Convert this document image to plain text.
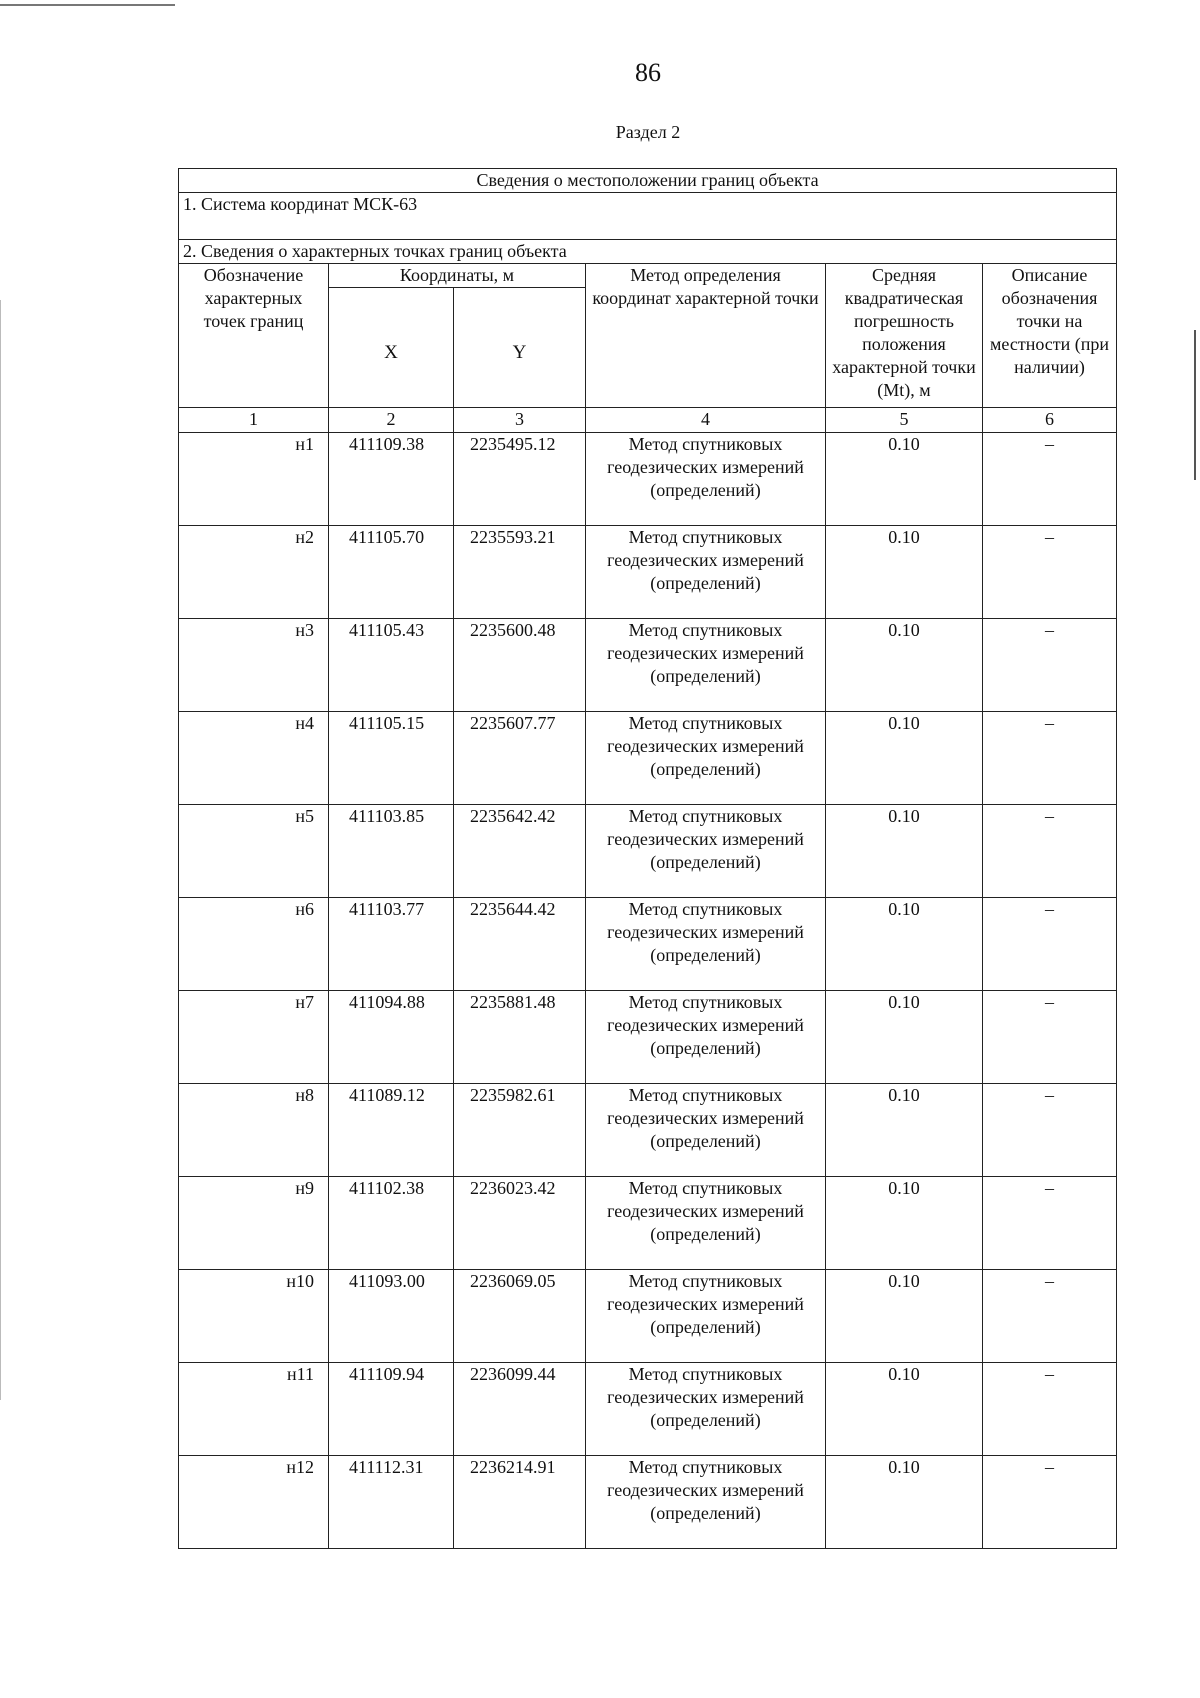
86
Раздел 2
Сведения о местоположении границ объекта					
1. Система координат МСК-63					
2. Сведения о характерных точках границ объекта					
Обозначение характерных точек границ	Координаты, м		Метод определения координат характерной точки	Средняя квадратическая погрешность положения характерной точки (Mt), м	Описание обозначения точки на местности (при наличии)
	X	Y			
1	2	3	4	5	6
н1	411109.38	2235495.12	Метод спутниковых геодезических измерений (определений)	0.10	–
н2	411105.70	2235593.21	Метод спутниковых геодезических измерений (определений)	0.10	–
н3	411105.43	2235600.48	Метод спутниковых геодезических измерений (определений)	0.10	–
н4	411105.15	2235607.77	Метод спутниковых геодезических измерений (определений)	0.10	–
н5	411103.85	2235642.42	Метод спутниковых геодезических измерений (определений)	0.10	–
н6	411103.77	2235644.42	Метод спутниковых геодезических измерений (определений)	0.10	–
н7	411094.88	2235881.48	Метод спутниковых геодезических измерений (определений)	0.10	–
н8	411089.12	2235982.61	Метод спутниковых геодезических измерений (определений)	0.10	–
н9	411102.38	2236023.42	Метод спутниковых геодезических измерений (определений)	0.10	–
н10	411093.00	2236069.05	Метод спутниковых геодезических измерений (определений)	0.10	–
н11	411109.94	2236099.44	Метод спутниковых геодезических измерений (определений)	0.10	–
н12	411112.31	2236214.91	Метод спутниковых геодезических измерений (определений)	0.10	–
